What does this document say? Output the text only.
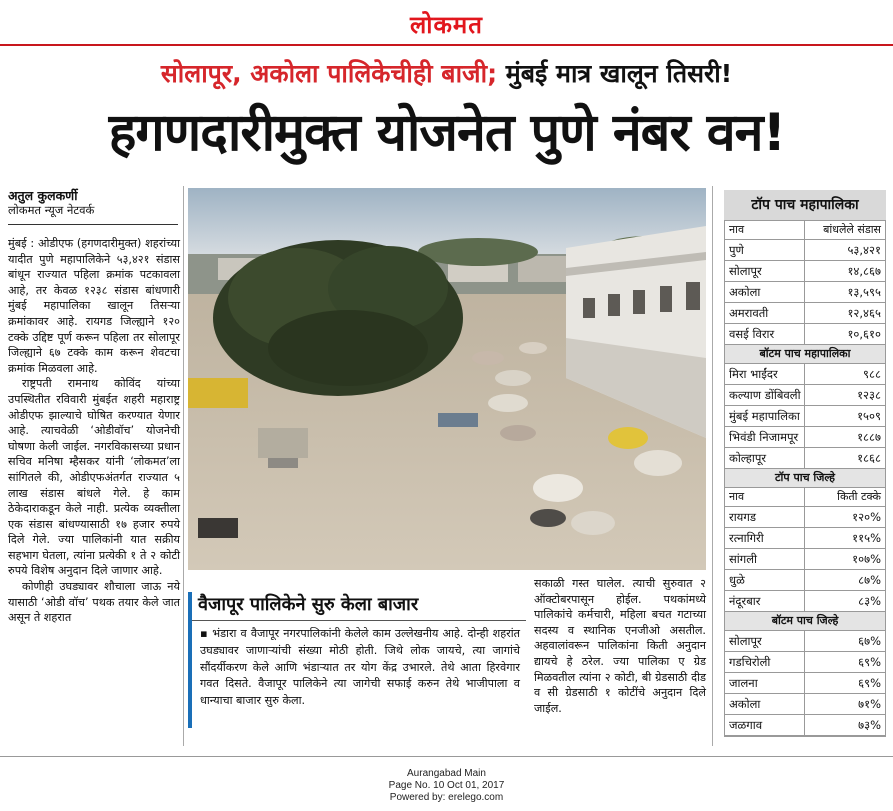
लोकमत
सोलापूर, अकोला पालिकेचीही बाजी; मुंबई मात्र खालून तिसरी!
हगणदारीमुक्त योजनेत पुणे नंबर वन!
अतुल कुलकर्णी
लोकमत न्यूज नेटवर्क

मुंबई : ओडीएफ (हगणदारीमुक्त) शहरांच्या यादीत पुणे महापालिकेने ५३,४२१ संडास बांधून राज्यात पहिला क्रमांक पटकावला आहे, तर केवळ १२३८ संडास बांधणारी मुंबई महापालिका खालून तिसऱ्या क्रमांकावर आहे. रायगड जिल्ह्याने १२० टक्के उद्दिष्ट पूर्ण करून पहिला तर सोलापूर जिल्ह्याने ६७ टक्के काम करून शेवटचा क्रमांक मिळवला आहे.

राष्ट्रपती रामनाथ कोविंद यांच्या उपस्थितीत रविवारी मुंबईत शहरी महाराष्ट्र ओडीएफ झाल्याचे घोषित करण्यात येणार आहे. त्याचवेळी ‘ओडीवॉच’ योजनेची घोषणा केली जाईल. नगरविकासच्या प्रधान सचिव मनिषा म्हैसकर यांनी ‘लोकमत’ला सांगितले की, ओडीएफअंतर्गत राज्यात ५ लाख संडास बांधले गेले. हे काम ठेकेदाराकडून केले नाही. प्रत्येक व्यक्तीला एक संडास बांधण्यासाठी १७ हजार रुपये दिले गेले. ज्या पालिकांनी यात सक्रीय सहभाग घेतला, त्यांना प्रत्येकी १ ते २ कोटी रुपये विशेष अनुदान दिले जाणार आहे.

कोणीही उघड्यावर शौचाला जाऊ नये यासाठी ‘ओडी वॉच’ पथक तयार केले जात असून ते शहरात

सकाळी गस्त घालेल. त्याची सुरुवात २ ऑक्टोबरपासून होईल. पथकांमध्ये पालिकांचे कर्मचारी, महिला बचत गटाच्या सदस्य व स्थानिक एनजीओ असतील. अहवालांवरून पालिकांना किती अनुदान द्यायचे हे ठरेल. ज्या पालिका ए ग्रेड मिळवतील त्यांना २ कोटी, बी ग्रेडसाठी दीड व सी ग्रेडसाठी १ कोटींचे अनुदान दिले जाईल.
वैजापूर पालिकेने सुरु केला बाजार
▪ भंडारा व वैजापूर नगरपालिकांनी केलेले काम उल्लेखनीय आहे. दोन्ही शहरांत उघड्यावर जाणाऱ्यांची संख्या मोठी होती. जिथे लोक जायचे, त्या जागांचे सौंदर्यीकरण केले आणि भंडाऱ्यात तर योग केंद्र उभारले. तेथे आता हिरवेगार गवत दिसते. वैजापूर पालिकेने त्या जागेची सफाई करुन तेथे भाजीपाला व धान्याचा बाजार सुरु केला.
टॉप पाच महापालिका
नाव	बांधलेले संडास
पुणे	५३,४२१
सोलापूर	१४,८६७
अकोला	१३,५९५
अमरावती	१२,४६५
वसई विरार	१०,६१०
बॉटम पाच महापालिका
मिरा भाईंदर	९८८
कल्याण डोंबिवली	१२३८
मुंबई महापालिका	१५०९
भिवंडी निजामपूर	१८८७
कोल्हापूर	१८६८
टॉप पाच जिल्हे
नाव	किती टक्के
रायगड	१२०%
रत्नागिरी	११५%
सांगली	१०७%
धुळे	८७%
नंदूरबार	८३%
बॉटम पाच जिल्हे
सोलापूर	६७%
गडचिरोली	६९%
जालना	६९%
अकोला	७१%
जळगाव	७३%
Aurangabad Main
Page No. 10 Oct 01, 2017
Powered by: erelego.com
